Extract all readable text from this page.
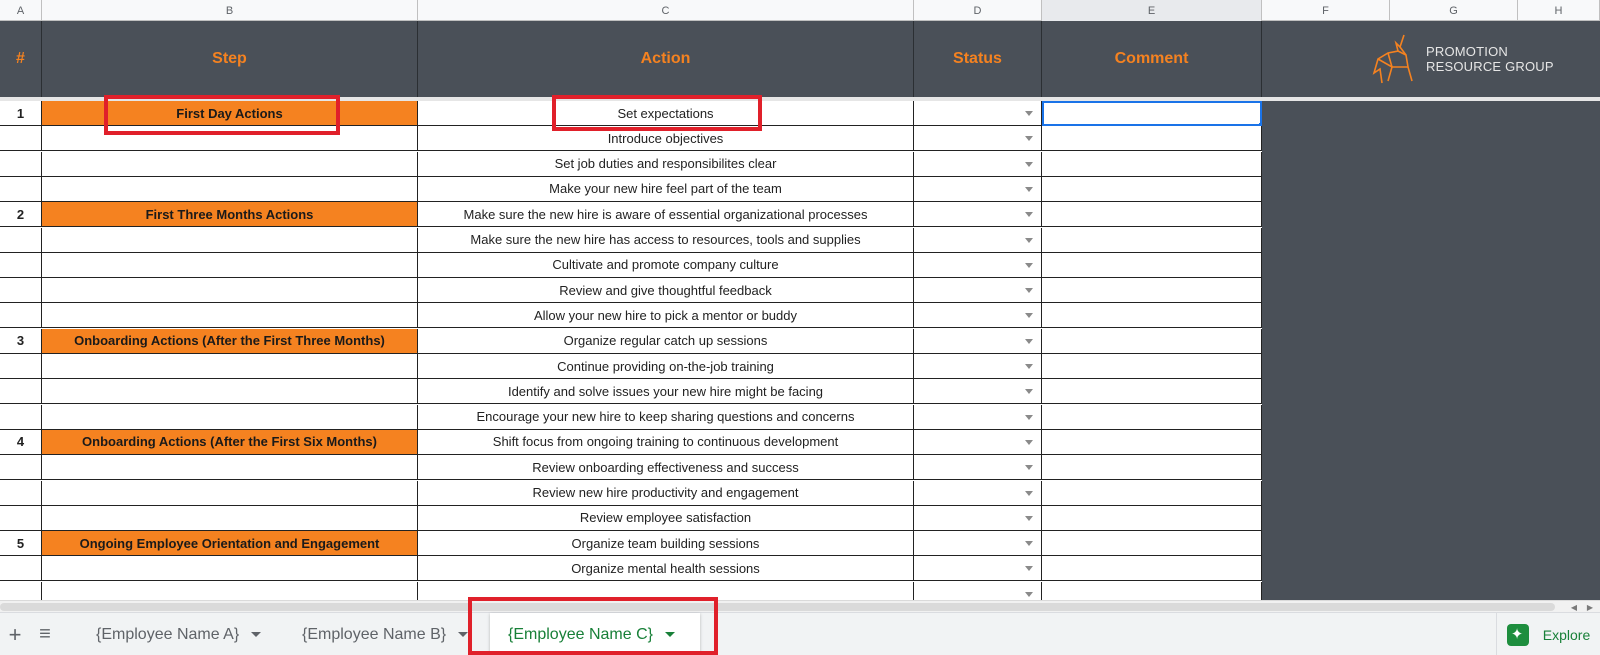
A	B	C	D	E	F	G	H
#	Step	Action	Status	Comment	PROMOTION
RESOURCE GROUP
1	First Day Actions	Set expectations
Introduce objectives
Set job duties and responsibilites clear
Make your new hire feel part of the team
2	First Three Months Actions	Make sure the new hire is aware of essential organizational processes
Make sure the new hire has access to resources, tools and supplies
Cultivate and promote company culture
Review and give thoughtful feedback
Allow your new hire to pick a mentor or buddy
3	Onboarding Actions (After the First Three Months)	Organize regular catch up sessions
Continue providing on-the-job training
Identify and solve issues your new hire might be facing
Encourage your new hire to keep sharing questions and concerns
4	Onboarding Actions (After the First Six Months)	Shift focus from ongoing training to continuous development
Review onboarding effectiveness and success
Review new hire productivity and engagement
Review employee satisfaction
5	Ongoing Employee Orientation and Engagement	Organize team building sessions
Organize mental health sessions
◀	▶
+ ≡	{Employee Name A}	{Employee Name B}	{Employee Name C}
✦	Explore
